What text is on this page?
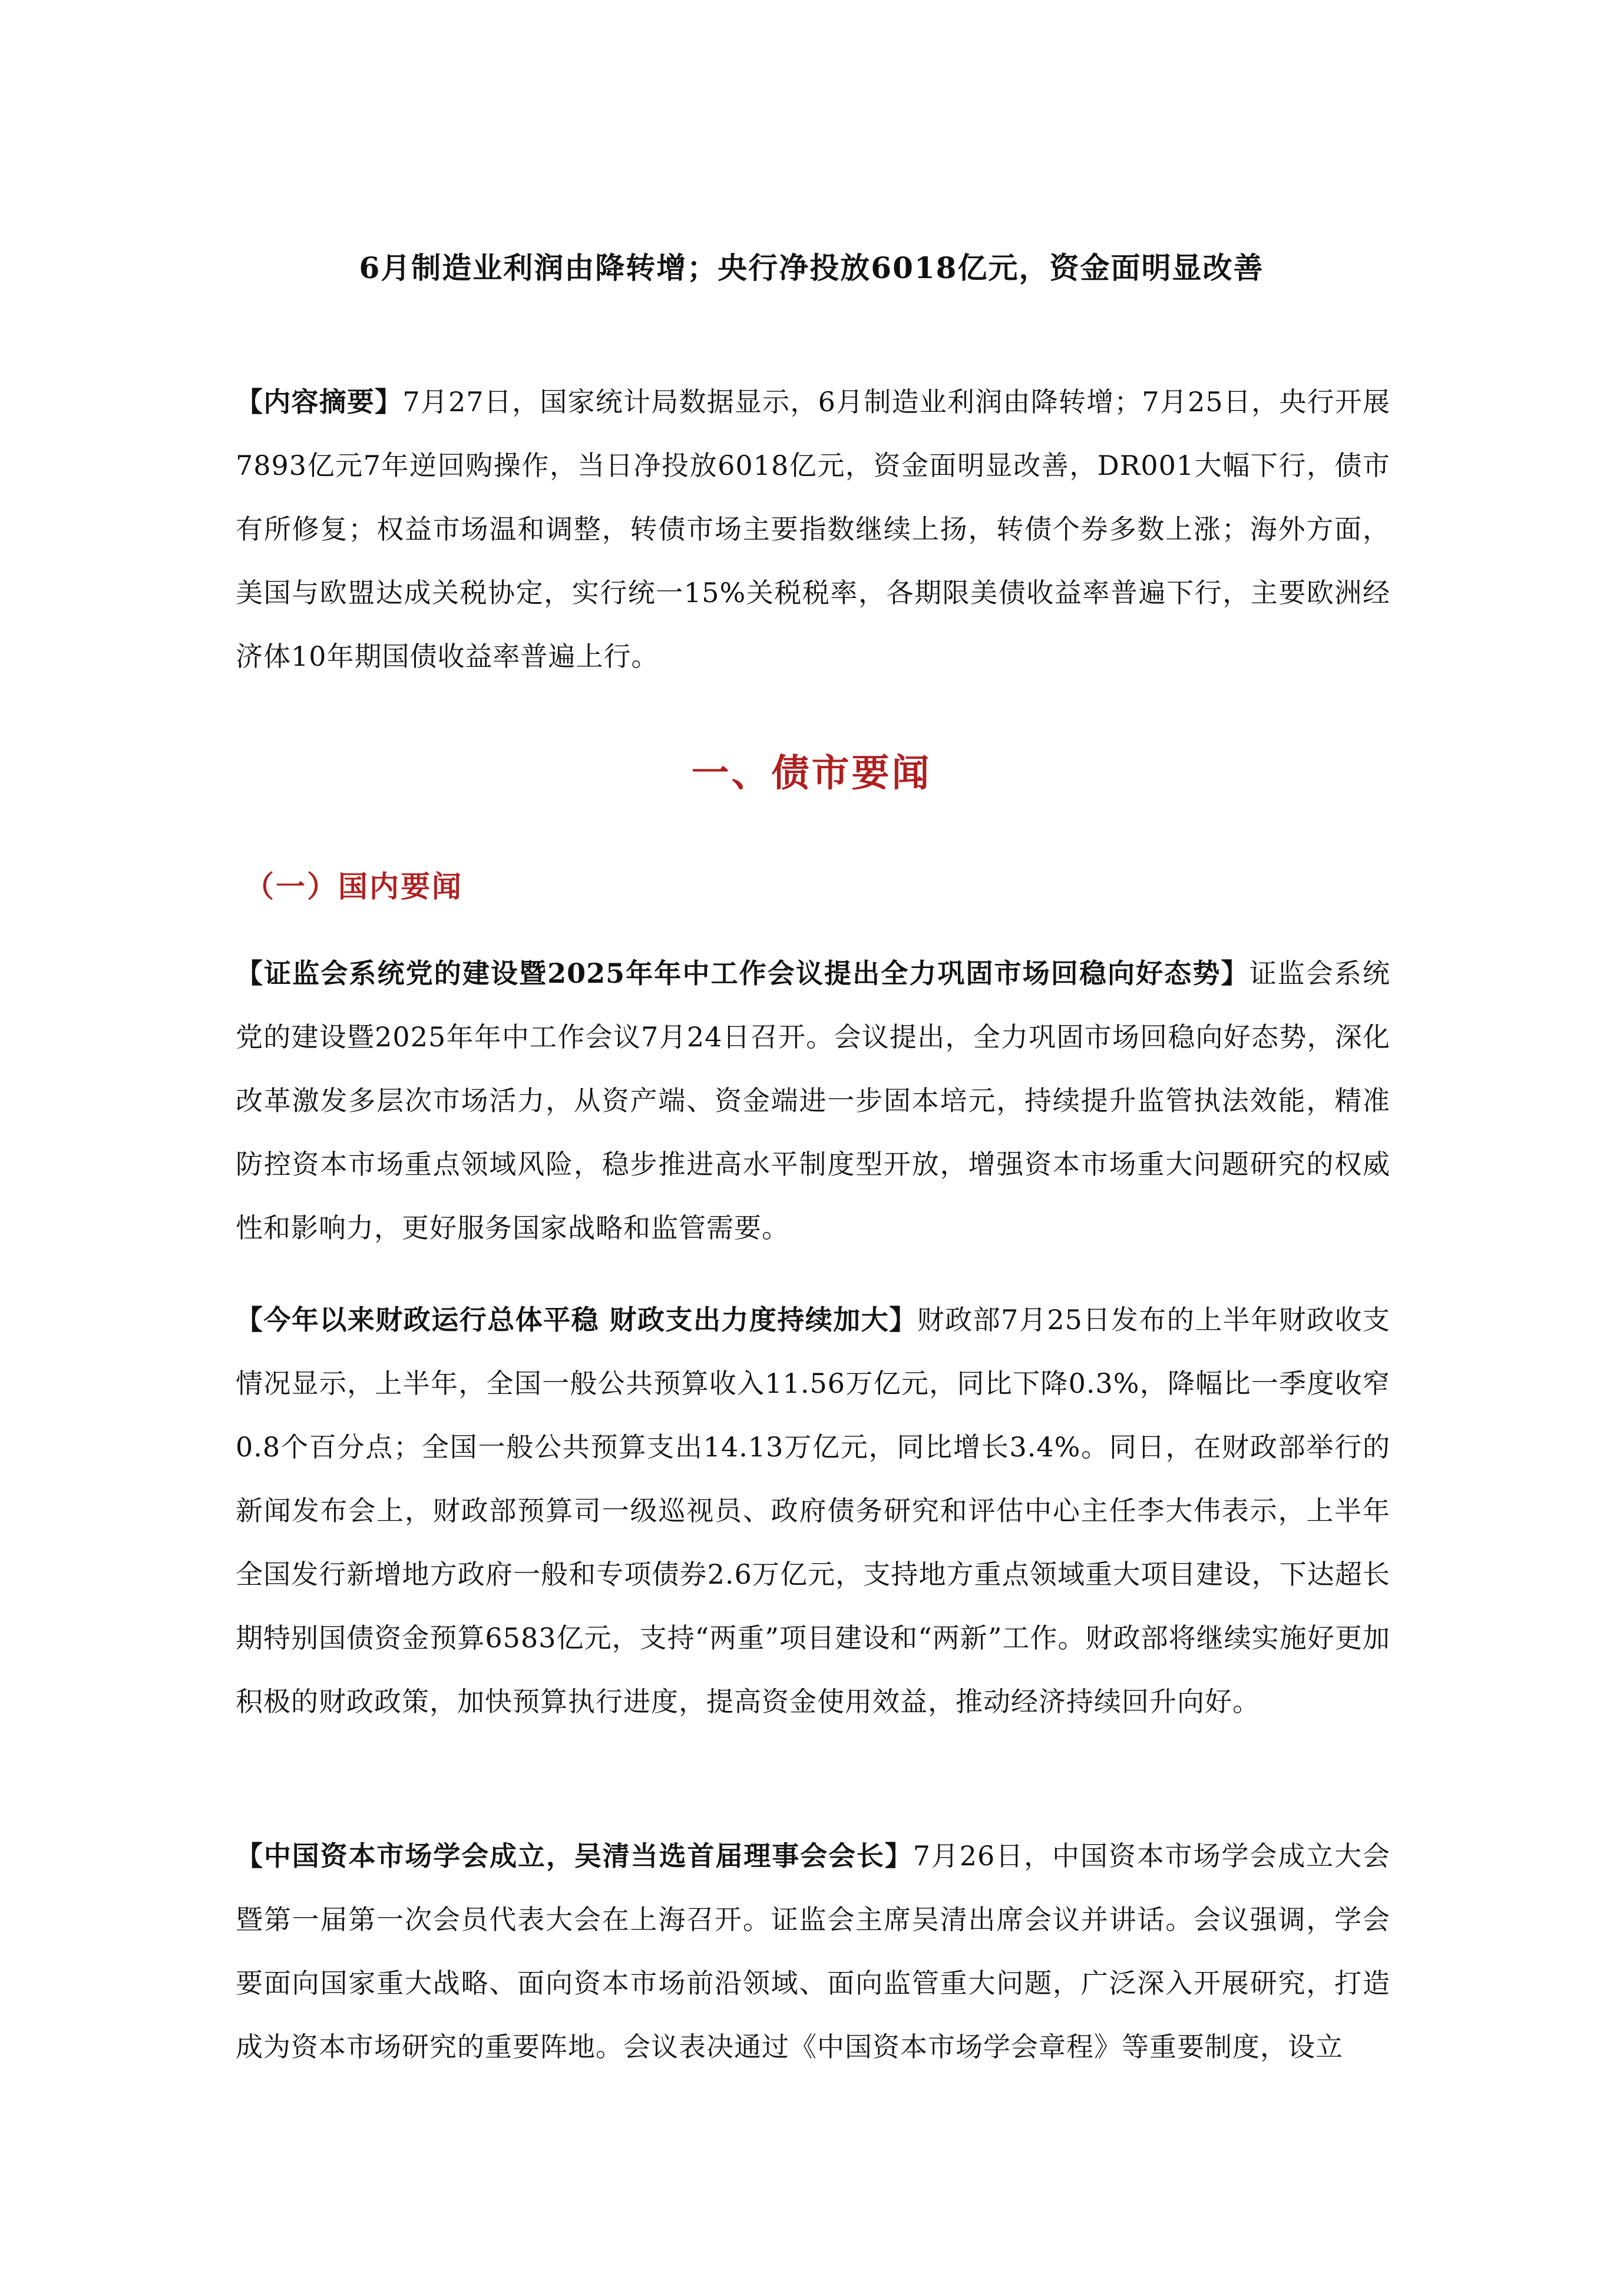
6月制造业利润由降转增；央行净投放6018亿元，资金面明显改善
【内容摘要】7月27日，国家统计局数据显示，6月制造业利润由降转增；7月25日，央行开展7893亿元7年逆回购操作，当日净投放6018亿元，资金面明显改善，DR001大幅下行，债市有所修复；权益市场温和调整，转债市场主要指数继续上扬，转债个券多数上涨；海外方面，美国与欧盟达成关税协定，实行统一15%关税税率，各期限美债收益率普遍下行，主要欧洲经济体10年期国债收益率普遍上行。
一、债市要闻
（一）国内要闻
【证监会系统党的建设暨2025年年中工作会议提出全力巩固市场回稳向好态势】证监会系统党的建设暨2025年年中工作会议7月24日召开。会议提出，全力巩固市场回稳向好态势，深化改革激发多层次市场活力，从资产端、资金端进一步固本培元，持续提升监管执法效能，精准防控资本市场重点领域风险，稳步推进高水平制度型开放，增强资本市场重大问题研究的权威性和影响力，更好服务国家战略和监管需要。
【今年以来财政运行总体平稳 财政支出力度持续加大】财政部7月25日发布的上半年财政收支情况显示，上半年，全国一般公共预算收入11.56万亿元，同比下降0.3%，降幅比一季度收窄0.8个百分点；全国一般公共预算支出14.13万亿元，同比增长3.4%。同日，在财政部举行的新闻发布会上，财政部预算司一级巡视员、政府债务研究和评估中心主任李大伟表示，上半年全国发行新增地方政府一般和专项债券2.6万亿元，支持地方重点领域重大项目建设，下达超长期特别国债资金预算6583亿元，支持“两重”项目建设和“两新”工作。财政部将继续实施好更加积极的财政政策，加快预算执行进度，提高资金使用效益，推动经济持续回升向好。
【中国资本市场学会成立，吴清当选首届理事会会长】7月26日，中国资本市场学会成立大会暨第一届第一次会员代表大会在上海召开。证监会主席吴清出席会议并讲话。会议强调，学会要面向国家重大战略、面向资本市场前沿领域、面向监管重大问题，广泛深入开展研究，打造成为资本市场研究的重要阵地。会议表决通过《中国资本市场学会章程》等重要制度，设立
